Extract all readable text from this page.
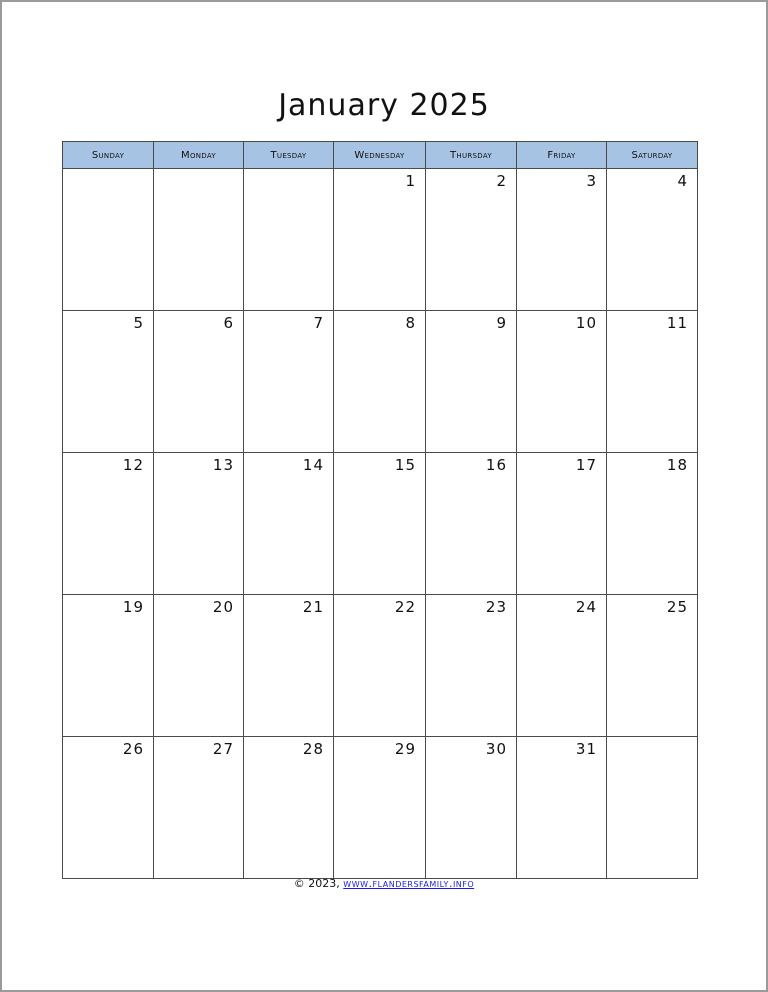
January 2025
Sunday	Monday	Tuesday	Wednesday	Thursday	Friday	Saturday
			1	2	3	4
5	6	7	8	9	10	11
12	13	14	15	16	17	18
19	20	21	22	23	24	25
26	27	28	29	30	31	
© 2023, www.flandersfamily.info
